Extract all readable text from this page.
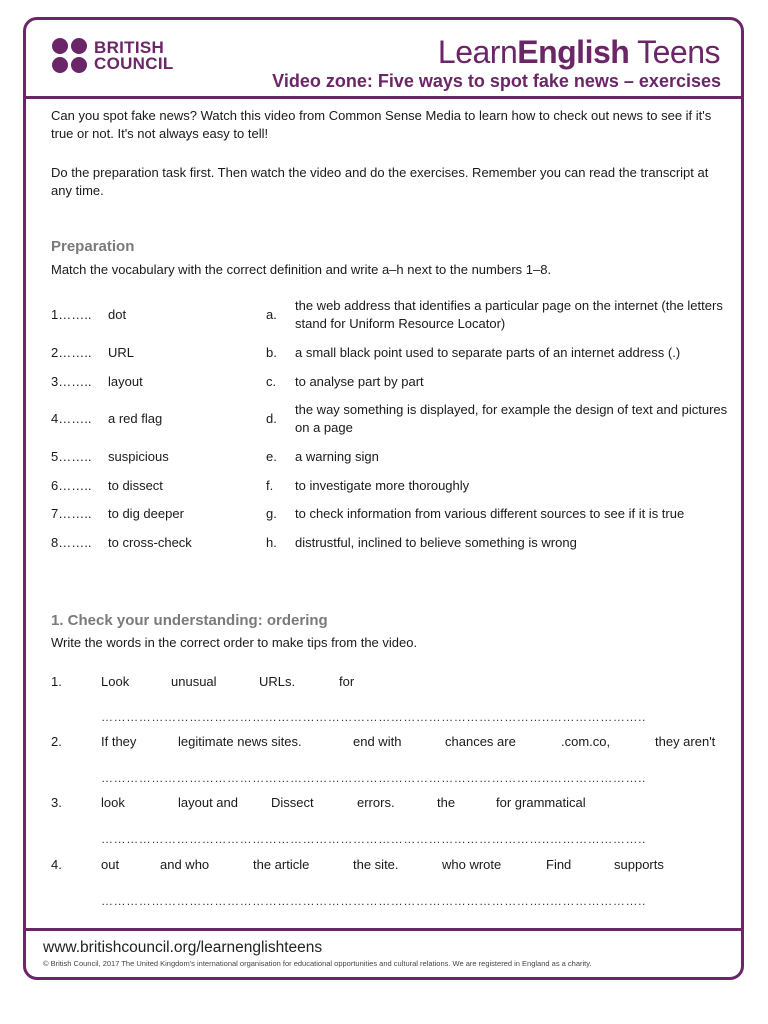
BRITISH
COUNCIL	LearnEnglish Teens
Video zone: Five ways to spot fake news – exercises
Can you spot fake news? Watch this video from Common Sense Media to learn how to check out news to see if it's true or not. It's not always easy to tell!
Do the preparation task first. Then watch the video and do the exercises. Remember you can read the transcript at any time.
Preparation
Match the vocabulary with the correct definition and write a–h next to the numbers 1–8.
1…….. dot	a.
the web address that identifies a particular page on the internet (the letters stand for Uniform Resource Locator)
2…….. URL	b. a small black point used to separate parts of an internet address (.)
3…….. layout	c. to analyse part by part
4…….. a red flag	d.
the way something is displayed, for example the design of text and pictures on a page
5…….. suspicious	e. a warning sign
6…….. to dissect	f. to investigate more thoroughly
7…….. to dig deeper	g. to check information from various different sources to see if it is true
8…….. to cross-check	h. distrustful, inclined to believe something is wrong
1. Check your understanding: ordering
Write the words in the correct order to make tips from the video.
1.	Look	unusual	URLs.	for
……………………………………………………………………………………………..…………………..
2.	If they	legitimate news sites.	end with	chances are	.com.co,	they aren't
……………………………………………………………………………………………..…………………..
3.	look	layout and	Dissect	errors.	the	for grammatical
……………………………………………………………………………………………..…………………..
4.	out	and who	the article	the site.	who wrote	Find	supports
……………………………………………………………………………………………..…………………..
www.britishcouncil.org/learnenglishteens
© British Council, 2017 The United Kingdom's international organisation for educational opportunities and cultural relations. We are registered in England as a charity.
